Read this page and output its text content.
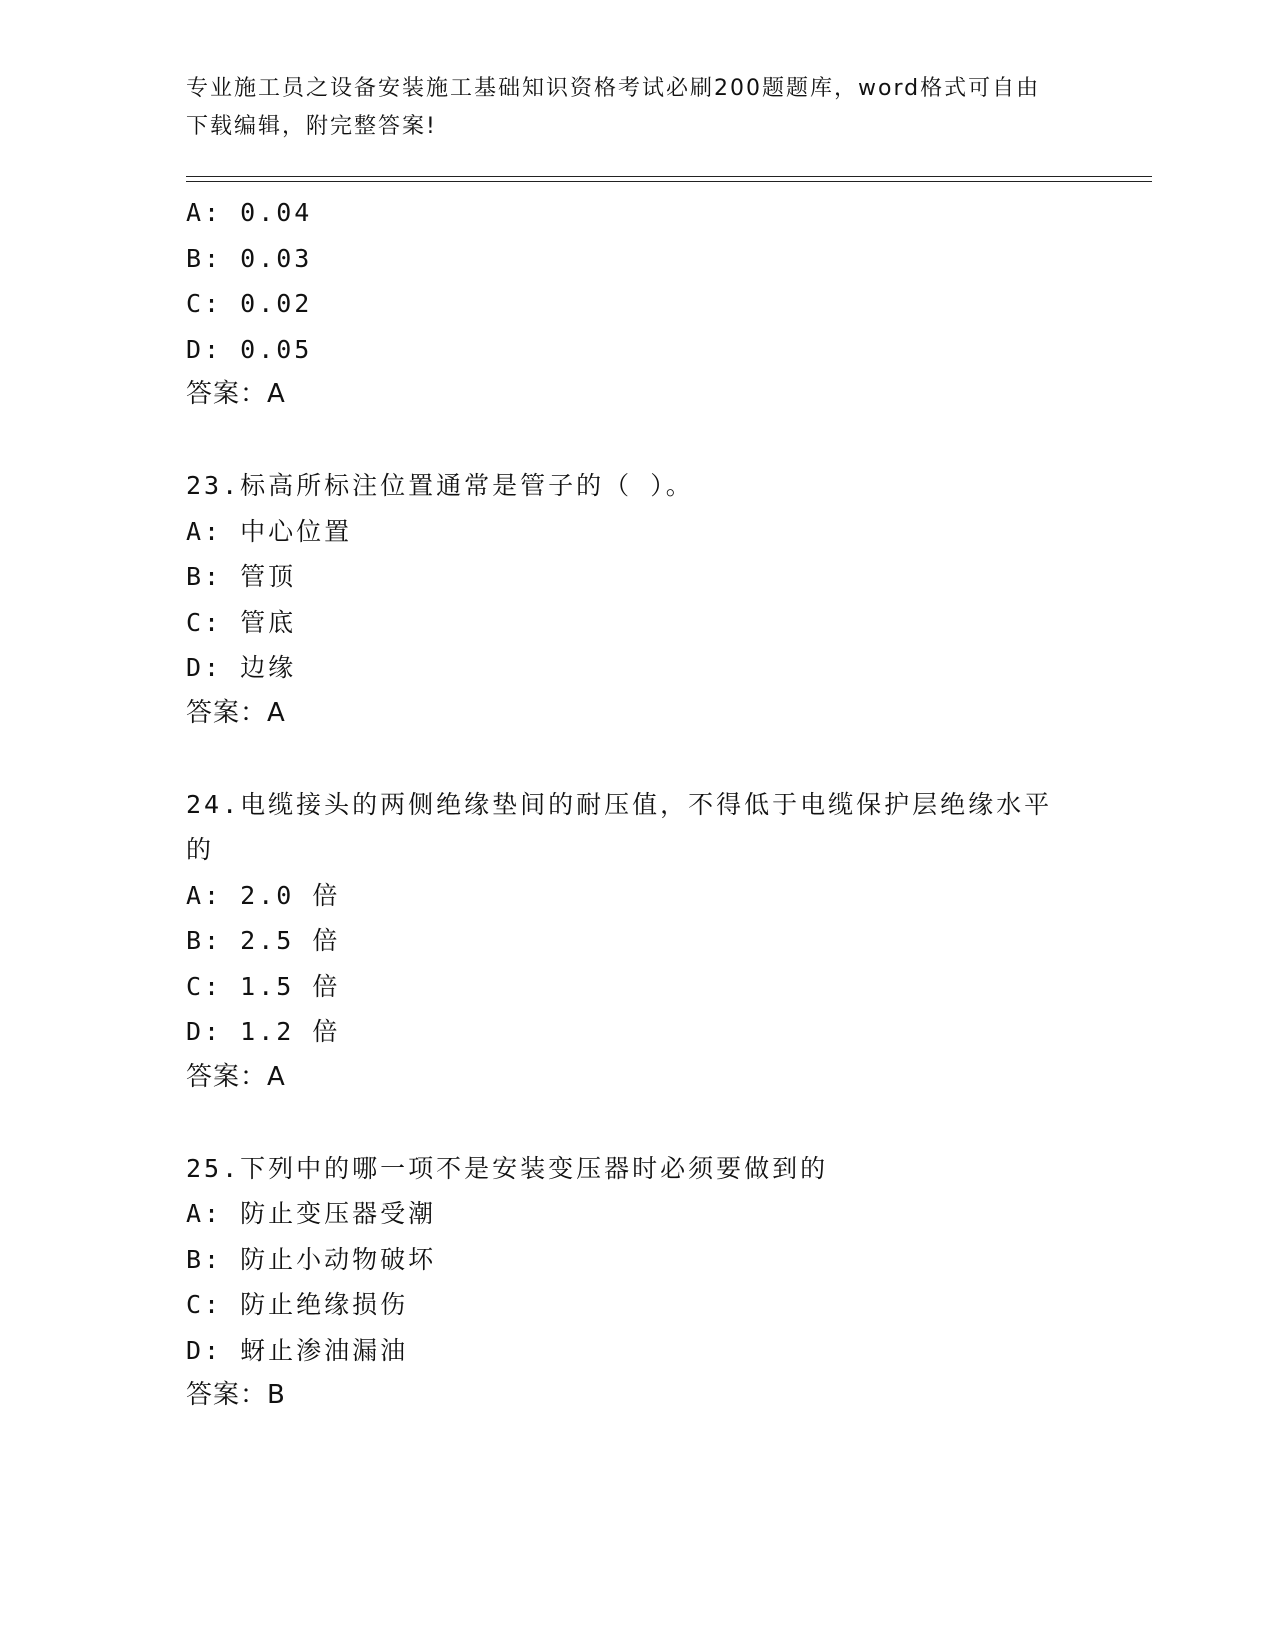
专业施工员之设备安装施工基础知识资格考试必刷200题题库，word格式可自由
下载编辑，附完整答案!
A: 0.04
B: 0.03
C: 0.02
D: 0.05
答案：A
23.标高所标注位置通常是管子的（ ）。
A: 中心位置
B: 管顶
C: 管底
D: 边缘
答案：A
24.电缆接头的两侧绝缘垫间的耐压值，不得低于电缆保护层绝缘水平
的
A: 2.0 倍
B: 2.5 倍
C: 1.5 倍
D: 1.2 倍
答案：A
25.下列中的哪一项不是安装变压器时必须要做到的
A: 防止变压器受潮
B: 防止小动物破坏
C: 防止绝缘损伤
D: 蚜止渗油漏油
答案：B
